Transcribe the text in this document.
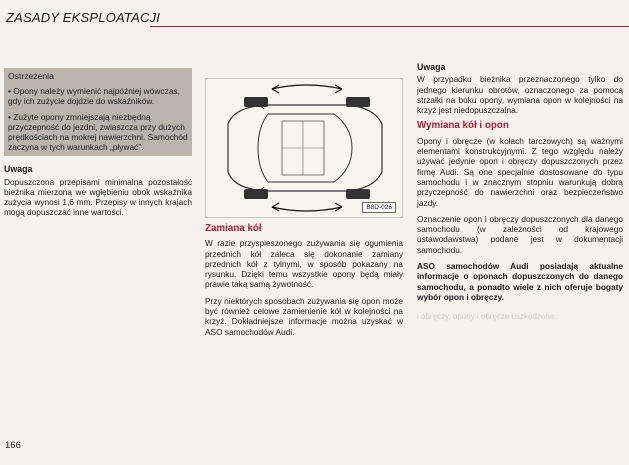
ZASADY EKSPLOATACJI
Ostrzeżenia
• Opony należy wymienić najpóźniej wówczas, gdy ich zużycie dojdzie do wskaźników.
• Zużyte opony zmniejszają niezbędną przyczepność do jezdni, zwiaszcza przy dużych prędkościach na mokrej nawierzchni. Samochód zaczyna w tych warunkach „pływać”.
Uwaga

Dopuszczona przepisami minimalna pozostałość bieżnika mierzona we wgłębieniu obok wskaźnika zużycia wynosi 1,6 mm. Przepisy w innych krajach mogą dopuszczać inne wartości.	B8D-026
Zamiana kół

W razie przyspieszonego zużywania się ogumienia przednich kół zaleca się dokonanie zamiany przednich kół z tylnymi, w sposób pokazany na rysunku. Dzięki temu wszystkie opony będą miały prawie taką samą żywotność.

Przy niektórych sposobach zużywania się opon może być również celowe zamienienie kół w kolejności na krzyż. Dokładniejsze informacje można uzyskać w ASO samochodów Audi.

Uwaga

W przypadku bieżnika przeznaczonego tylko do jednego kierunku obrotów, oznaczonego za pomocą strzałki na boku opony, wymiana opon w kolejności na krzyż jest niedopuszczalna.

Wymiana kół i opon

Opony i obręcze (w kołach tarczowych) są ważnymi elementami konstrukcyjnymi. Z tego względu należy używać jedynie opon i obręczy dopuszczonych przez firmę Audi. Są one specjalnie dostosowane do typu samochodu i w znacznym stopniu warunkują dobrą przyczepność do nawierzchni oraz bezpieczeństwo jazdy.

Oznaczenie opon i obręczy dopuszczonych dla danego samochodu (w zależności od krajowego ustawodawstwa) podane jest w dokumentacji samochodu.

ASO samochodów Audi posiadają aktualne informacje o oponach dopuszczonych do danego samochodu, a ponadto wiele z nich oferuje bogaty wybór opon i obręczy.

i obręczy, opony i obręcze uszkodzone.
166
